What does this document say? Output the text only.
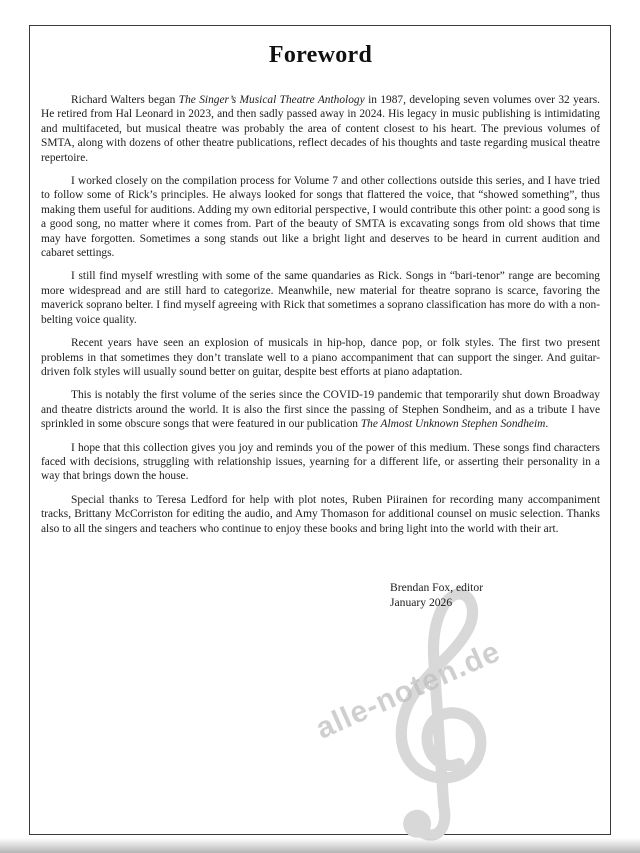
alle-noten.de
Foreword

Richard Walters began The Singer’s Musical Theatre Anthology in 1987, developing seven volumes over 32 years. He retired from Hal Leonard in 2023, and then sadly passed away in 2024. His legacy in music publishing is intimidating and multifaceted, but musical theatre was probably the area of content closest to his heart. The previous volumes of SMTA, along with dozens of other theatre publications, reflect decades of his thoughts and taste regarding musical theatre repertoire.

I worked closely on the compilation process for Volume 7 and other collections outside this series, and I have tried to follow some of Rick’s principles. He always looked for songs that flattered the voice, that “showed something”, thus making them useful for auditions. Adding my own editorial perspective, I would contribute this other point: a good song is a good song, no matter where it comes from. Part of the beauty of SMTA is excavating songs from old shows that time may have forgotten. Sometimes a song stands out like a bright light and deserves to be heard in current audition and cabaret settings.

I still find myself wrestling with some of the same quandaries as Rick. Songs in “bari-tenor” range are becoming more widespread and are still hard to categorize. Meanwhile, new material for theatre soprano is scarce, favoring the maverick soprano belter. I find myself agreeing with Rick that sometimes a soprano classification has more do with a non-belting voice quality.

Recent years have seen an explosion of musicals in hip-hop, dance pop, or folk styles. The first two present problems in that sometimes they don’t translate well to a piano accompaniment that can support the singer. And guitar-driven folk styles will usually sound better on guitar, despite best efforts at piano adaptation.

This is notably the first volume of the series since the COVID-19 pandemic that temporarily shut down Broadway and theatre districts around the world. It is also the first since the passing of Stephen Sondheim, and as a tribute I have sprinkled in some obscure songs that were featured in our publication The Almost Unknown Stephen Sondheim.

I hope that this collection gives you joy and reminds you of the power of this medium. These songs find characters faced with decisions, struggling with relationship issues, yearning for a different life, or asserting their personality in a way that brings down the house.

Special thanks to Teresa Ledford for help with plot notes, Ruben Piirainen for recording many accompaniment tracks, Brittany McCorriston for editing the audio, and Amy Thomason for additional counsel on music selection. Thanks also to all the singers and teachers who continue to enjoy these books and bring light into the world with their art.

Brendan Fox, editor
January 2026
